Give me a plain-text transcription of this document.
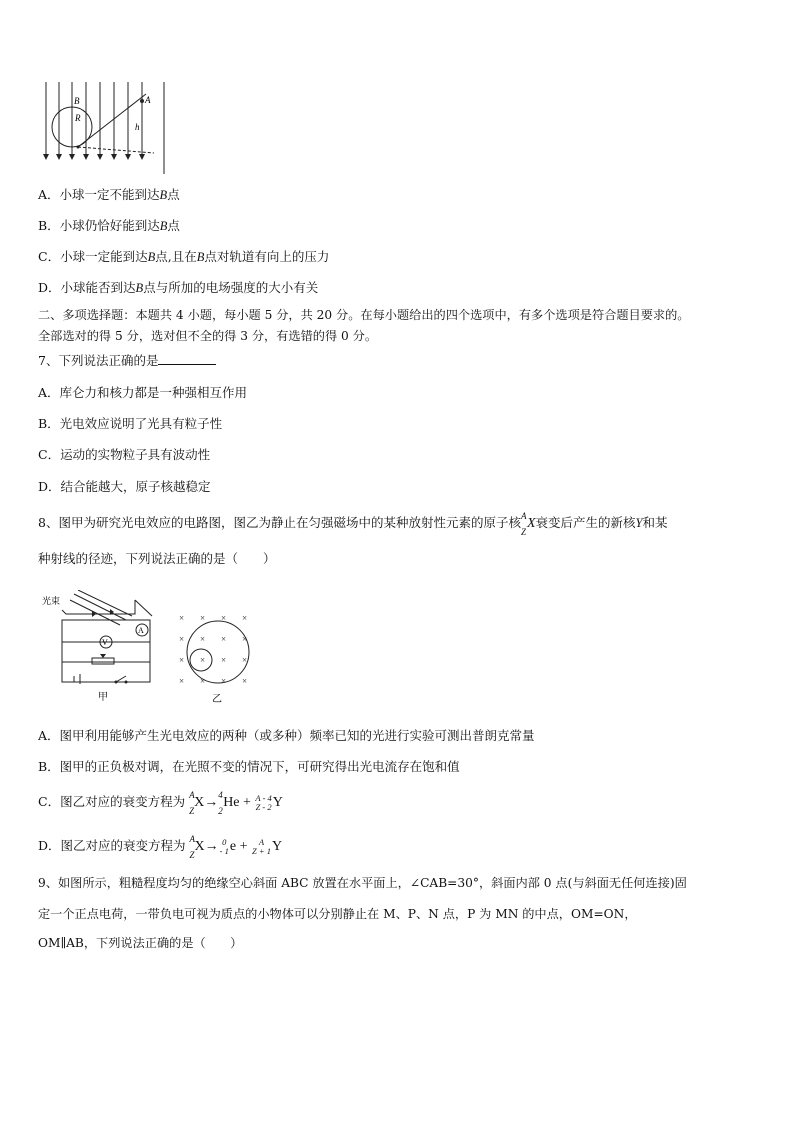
B
R
A
h
A．小球一定不能到达B点
B．小球仍恰好能到达B点
C．小球一定能到达B点,且在B点对轨道有向上的压力
D．小球能否到达B点与所加的电场强度的大小有关
二、多项选择题：本题共 4 小题，每小题 5 分，共 20 分。在每小题给出的四个选项中，有多个选项是符合题目要求的。
全部选对的得 5 分，选对但不全的得 3 分，有选错的得 0 分。
7、下列说法正确的是
A．库仑力和核力都是一种强相互作用
B．光电效应说明了光具有粒子性
C．运动的实物粒子具有波动性
D．结合能越大，原子核越稳定
8、图甲为研究光电效应的电路图，图乙为静止在匀强磁场中的某种放射性元素的原子核 A
Z
X衰变后产生的新核Y和某
种射线的径迹，下列说法正确的是（　　）
光束
V
A
甲
× × × ×
× × × ×
× × × ×
× × × ×
乙
A．图甲利用能够产生光电效应的两种（或多种）频率已知的光进行实验可测出普朗克常量
B．图甲的正负极对调，在光照不变的情况下，可研究得出光电流存在饱和值
C．图乙对应的衰变方程为 A
Z
X→ 4
2
He + A - 4
Z - 2 Y
D．图乙对应的衰变方程为 A
Z
X→ 0
- 1 e + A
Z + 1 Y
9、如图所示，粗糙程度均匀的绝缘空心斜面 ABC 放置在水平面上，∠CAB=30°，斜面内部 0 点(与斜面无任何连接)固
定一个正点电荷，一带负电可视为质点的小物体可以分别静止在 M、P、N 点，P 为 MN 的中点，OM=ON，
OM∥AB，下列说法正确的是（　　）
